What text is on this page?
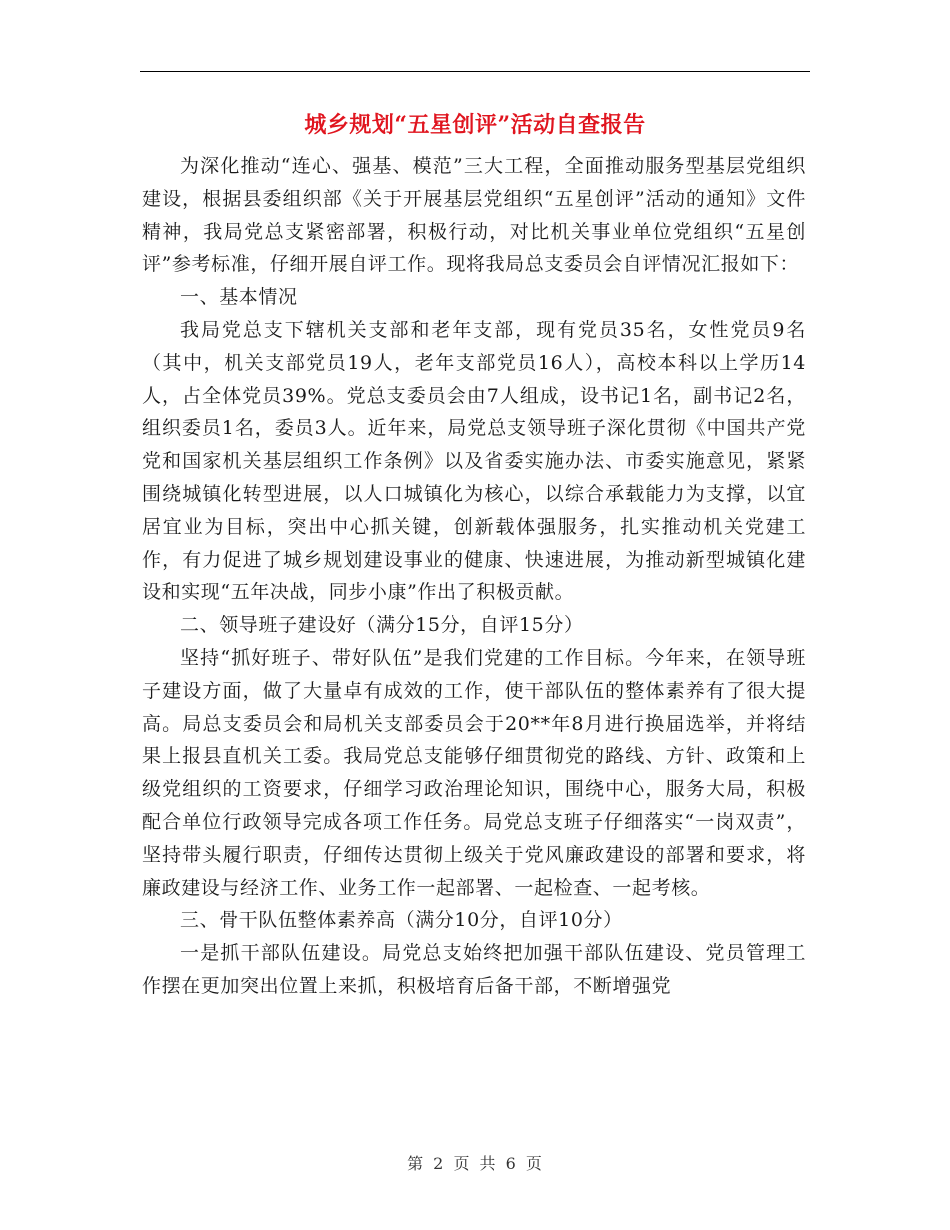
城乡规划“五星创评”活动自查报告

为深化推动“连心、强基、模范”三大工程，全面推动服务型基层党组织建设，根据县委组织部《关于开展基层党组织“五星创评”活动的通知》文件精神，我局党总支紧密部署，积极行动，对比机关事业单位党组织“五星创评”参考标准，仔细开展自评工作。现将我局总支委员会自评情况汇报如下：

一、基本情况

我局党总支下辖机关支部和老年支部，现有党员35名，女性党员9名（其中，机关支部党员19人，老年支部党员16人），高校本科以上学历14人，占全体党员39%。党总支委员会由7人组成，设书记1名，副书记2名，组织委员1名，委员3人。近年来，局党总支领导班子深化贯彻《中国共产党党和国家机关基层组织工作条例》以及省委实施办法、市委实施意见，紧紧围绕城镇化转型进展，以人口城镇化为核心，以综合承载能力为支撑，以宜居宜业为目标，突出中心抓关键，创新载体强服务，扎实推动机关党建工作，有力促进了城乡规划建设事业的健康、快速进展，为推动新型城镇化建设和实现“五年决战，同步小康”作出了积极贡献。

二、领导班子建设好（满分15分，自评15分）

坚持“抓好班子、带好队伍”是我们党建的工作目标。今年来，在领导班子建设方面，做了大量卓有成效的工作，使干部队伍的整体素养有了很大提高。局总支委员会和局机关支部委员会于20**年8月进行换届选举，并将结果上报县直机关工委。我局党总支能够仔细贯彻党的路线、方针、政策和上级党组织的工资要求，仔细学习政治理论知识，围绕中心，服务大局，积极配合单位行政领导完成各项工作任务。局党总支班子仔细落实“一岗双责”，坚持带头履行职责，仔细传达贯彻上级关于党风廉政建设的部署和要求，将廉政建设与经济工作、业务工作一起部署、一起检查、一起考核。

三、骨干队伍整体素养高（满分10分，自评10分）

一是抓干部队伍建设。局党总支始终把加强干部队伍建设、党员管理工作摆在更加突出位置上来抓，积极培育后备干部，不断增强党

第 2 页 共 6 页
